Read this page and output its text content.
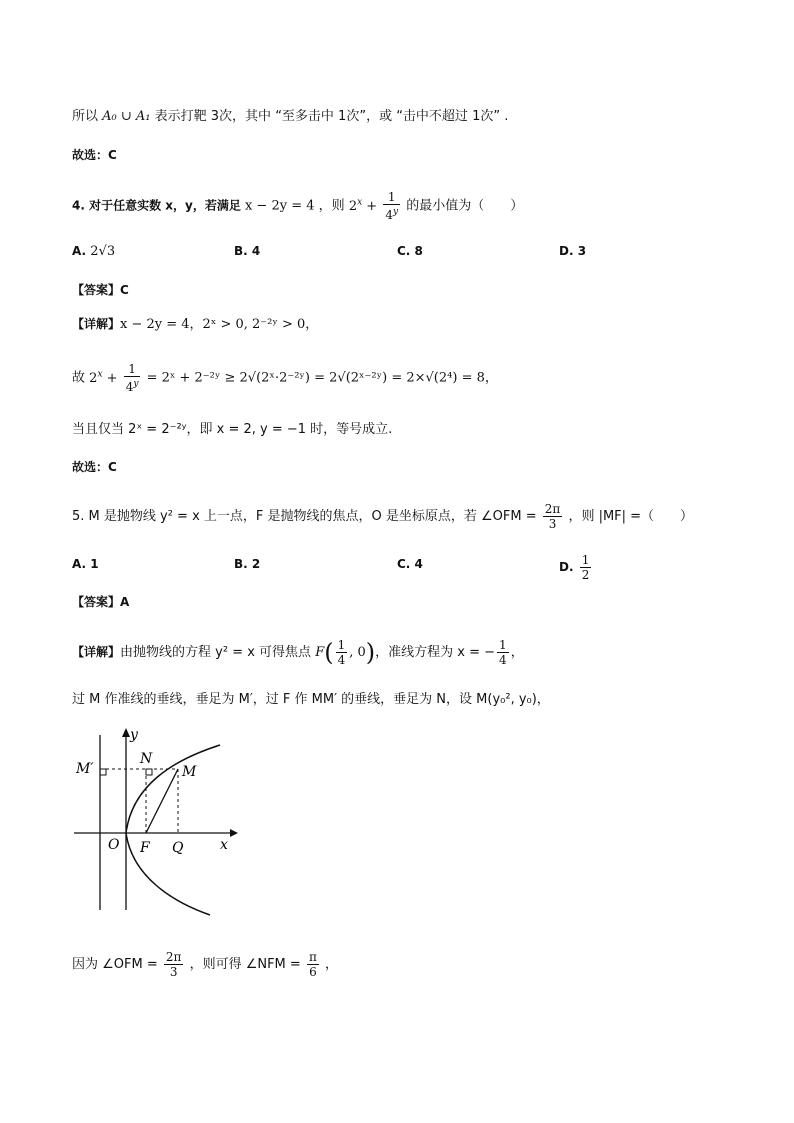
所以 A₀ ∪ A₁ 表示打靶 3次，其中 “至多击中 1次”，或 “击中不超过 1次” .
故选：C
4. 对于任意实数 x，y，若满足 x − 2y = 4 ，则 $2^x + \frac{1}{4^y}$ 的最小值为（　　）
A. 2√3	B. 4	C. 8	D. 3
【答案】C
【详解】x − 2y = 4，2ˣ > 0, 2⁻²ʸ > 0，
故 $2^x + \frac{1}{4^y}$ = 2ˣ + 2⁻²ʸ ≥ 2√(2ˣ·2⁻²ʸ) = 2√(2ˣ⁻²ʸ) = 2×√(2⁴) = 8，
当且仅当 2ˣ = 2⁻²ʸ，即 x = 2, y = −1 时，等号成立.
故选：C
5. M 是抛物线 y² = x 上一点，F 是抛物线的焦点，O 是坐标原点，若 ∠OFM = $\frac{2\pi}{3}$ ，则 |MF| =（　　）
A. 1	B. 2	C. 4	D. $\frac{1}{2}$
【答案】A
【详解】由抛物线的方程 y² = x 可得焦点 $F( \frac{1}{4}$ , 0)，准线方程为 x = − $\frac{1}{4}$ ，
过 M 作准线的垂线，垂足为 M′，过 F 作 MM′ 的垂线，垂足为 N，设 M(y₀², y₀)，
y
x
O F Q
M
M′
N
因为 ∠OFM = $\frac{2\pi}{3}$ ，则可得 ∠NFM = $\frac{\pi}{6}$ ，
